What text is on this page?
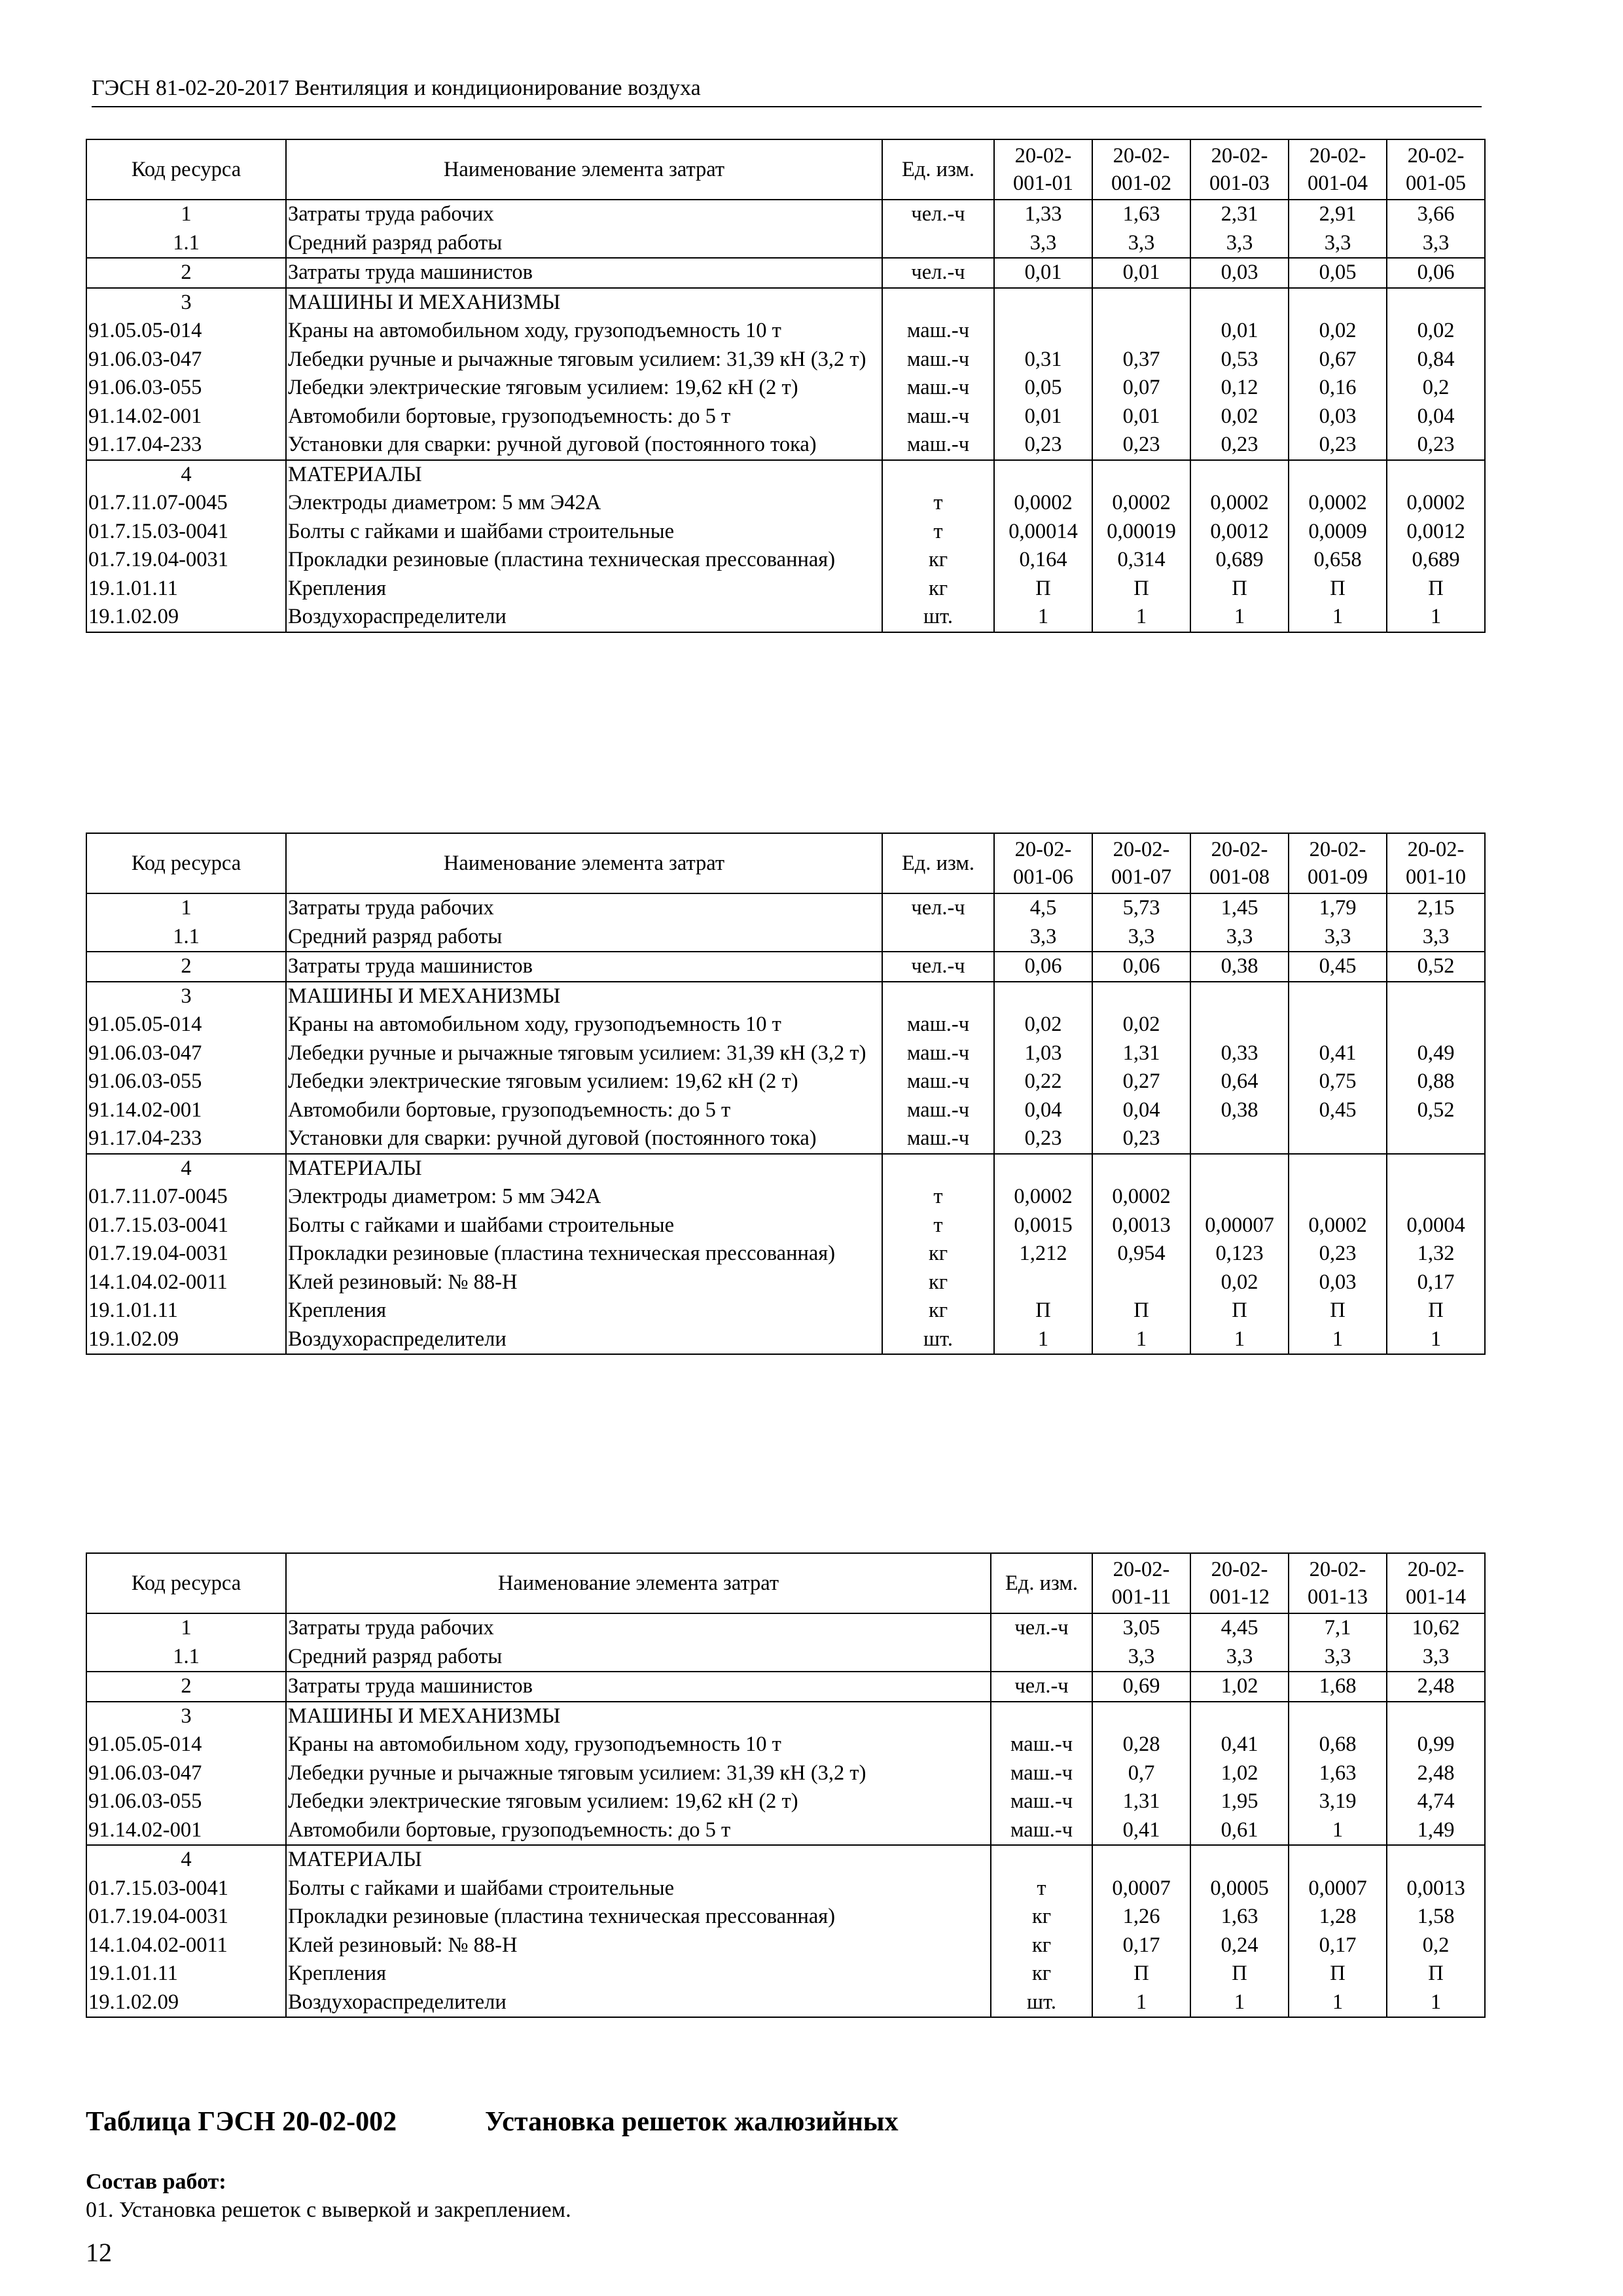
ГЭСН 81-02-20-2017 Вентиляция и кондиционирование воздуха
Код ресурса	Наименование элемента затрат	Ед. изм.	20-02-001-01	20-02-001-02	20-02-001-03	20-02-001-04	20-02-001-05
1	Затраты труда рабочих	чел.-ч	1,33	1,63	2,31	2,91	3,66
1.1	Средний разряд работы		3,3	3,3	3,3	3,3	3,3
2	Затраты труда машинистов	чел.-ч	0,01	0,01	0,03	0,05	0,06
3	МАШИНЫ И МЕХАНИЗМЫ						
91.05.05-014	Краны на автомобильном ходу, грузоподъемность 10 т	маш.-ч			0,01	0,02	0,02
91.06.03-047	Лебедки ручные и рычажные тяговым усилием: 31,39 кН (3,2 т)	маш.-ч	0,31	0,37	0,53	0,67	0,84
91.06.03-055	Лебедки электрические тяговым усилием: 19,62 кН (2 т)	маш.-ч	0,05	0,07	0,12	0,16	0,2
91.14.02-001	Автомобили бортовые, грузоподъемность: до 5 т	маш.-ч	0,01	0,01	0,02	0,03	0,04
91.17.04-233	Установки для сварки: ручной дуговой (постоянного тока)	маш.-ч	0,23	0,23	0,23	0,23	0,23
4	МАТЕРИАЛЫ						
01.7.11.07-0045	Электроды диаметром: 5 мм Э42А	т	0,0002	0,0002	0,0002	0,0002	0,0002
01.7.15.03-0041	Болты с гайками и шайбами строительные	т	0,00014	0,00019	0,0012	0,0009	0,0012
01.7.19.04-0031	Прокладки резиновые (пластина техническая прессованная)	кг	0,164	0,314	0,689	0,658	0,689
19.1.01.11	Крепления	кг	П	П	П	П	П
19.1.02.09	Воздухораспределители	шт.	1	1	1	1	1
Код ресурса	Наименование элемента затрат	Ед. изм.	20-02-001-06	20-02-001-07	20-02-001-08	20-02-001-09	20-02-001-10
1	Затраты труда рабочих	чел.-ч	4,5	5,73	1,45	1,79	2,15
1.1	Средний разряд работы		3,3	3,3	3,3	3,3	3,3
2	Затраты труда машинистов	чел.-ч	0,06	0,06	0,38	0,45	0,52
3	МАШИНЫ И МЕХАНИЗМЫ						
91.05.05-014	Краны на автомобильном ходу, грузоподъемность 10 т	маш.-ч	0,02	0,02			
91.06.03-047	Лебедки ручные и рычажные тяговым усилием: 31,39 кН (3,2 т)	маш.-ч	1,03	1,31	0,33	0,41	0,49
91.06.03-055	Лебедки электрические тяговым усилием: 19,62 кН (2 т)	маш.-ч	0,22	0,27	0,64	0,75	0,88
91.14.02-001	Автомобили бортовые, грузоподъемность: до 5 т	маш.-ч	0,04	0,04	0,38	0,45	0,52
91.17.04-233	Установки для сварки: ручной дуговой (постоянного тока)	маш.-ч	0,23	0,23			
4	МАТЕРИАЛЫ						
01.7.11.07-0045	Электроды диаметром: 5 мм Э42А	т	0,0002	0,0002			
01.7.15.03-0041	Болты с гайками и шайбами строительные	т	0,0015	0,0013	0,00007	0,0002	0,0004
01.7.19.04-0031	Прокладки резиновые (пластина техническая прессованная)	кг	1,212	0,954	0,123	0,23	1,32
14.1.04.02-0011	Клей резиновый: № 88-Н	кг			0,02	0,03	0,17
19.1.01.11	Крепления	кг	П	П	П	П	П
19.1.02.09	Воздухораспределители	шт.	1	1	1	1	1
Код ресурса	Наименование элемента затрат	Ед. изм.	20-02-001-11	20-02-001-12	20-02-001-13	20-02-001-14
1	Затраты труда рабочих	чел.-ч	3,05	4,45	7,1	10,62
1.1	Средний разряд работы		3,3	3,3	3,3	3,3
2	Затраты труда машинистов	чел.-ч	0,69	1,02	1,68	2,48
3	МАШИНЫ И МЕХАНИЗМЫ					
91.05.05-014	Краны на автомобильном ходу, грузоподъемность 10 т	маш.-ч	0,28	0,41	0,68	0,99
91.06.03-047	Лебедки ручные и рычажные тяговым усилием: 31,39 кН (3,2 т)	маш.-ч	0,7	1,02	1,63	2,48
91.06.03-055	Лебедки электрические тяговым усилием: 19,62 кН (2 т)	маш.-ч	1,31	1,95	3,19	4,74
91.14.02-001	Автомобили бортовые, грузоподъемность: до 5 т	маш.-ч	0,41	0,61	1	1,49
4	МАТЕРИАЛЫ					
01.7.15.03-0041	Болты с гайками и шайбами строительные	т	0,0007	0,0005	0,0007	0,0013
01.7.19.04-0031	Прокладки резиновые (пластина техническая прессованная)	кг	1,26	1,63	1,28	1,58
14.1.04.02-0011	Клей резиновый: № 88-Н	кг	0,17	0,24	0,17	0,2
19.1.01.11	Крепления	кг	П	П	П	П
19.1.02.09	Воздухораспределители	шт.	1	1	1	1
Таблица ГЭСН 20-02-002	Установка решеток жалюзийных
Состав работ:
01. Установка решеток с выверкой и закреплением.
12
